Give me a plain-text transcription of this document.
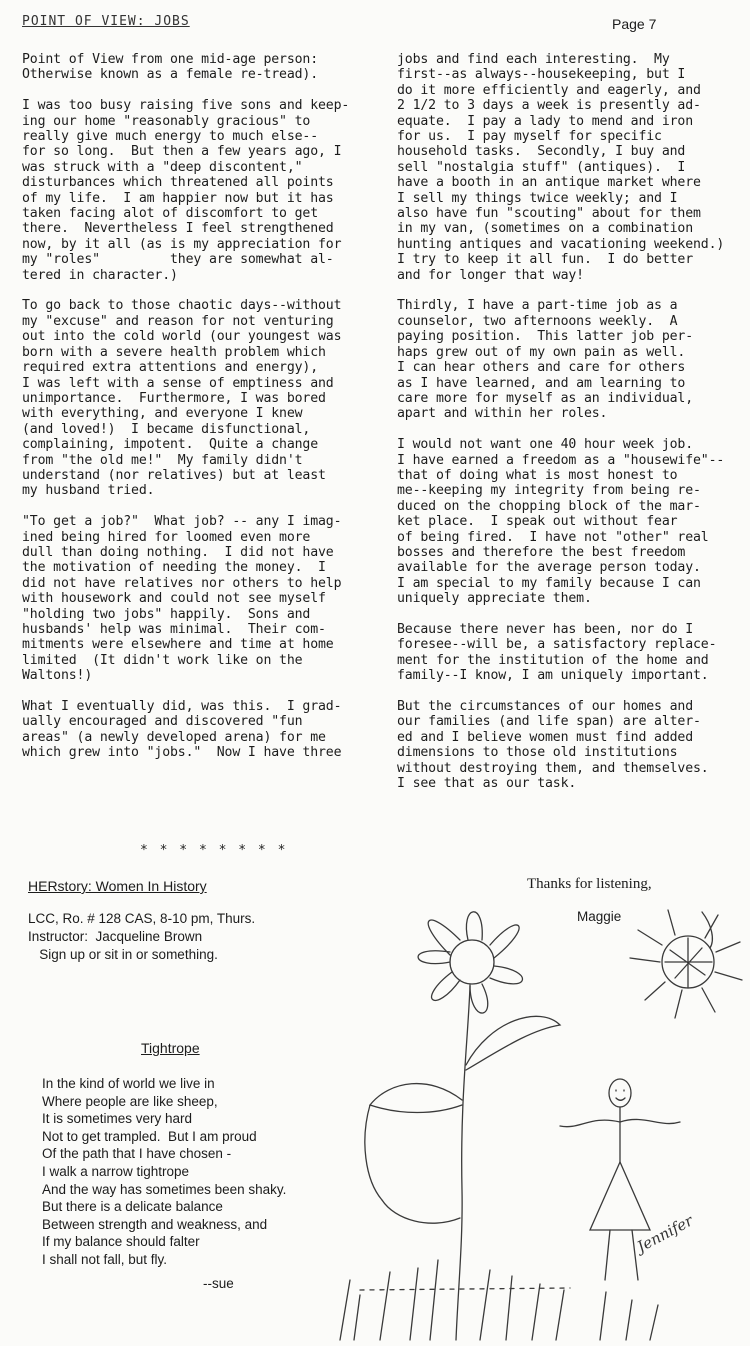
POINT OF VIEW: JOBS	Page 7

Point of View from one mid-age person:
Otherwise known as a female re-tread).

I was too busy raising five sons and keep-
ing our home "reasonably gracious" to
really give much energy to much else--
for so long.  But then a few years ago, I
was struck with a "deep discontent,"
disturbances which threatened all points
of my life.  I am happier now but it has
taken facing alot of discomfort to get
there.  Nevertheless I feel strengthened
now, by it all (as is my appreciation for
my "roles"         they are somewhat al-
tered in character.)

To go back to those chaotic days--without
my "excuse" and reason for not venturing
out into the cold world (our youngest was
born with a severe health problem which
required extra attentions and energy),
I was left with a sense of emptiness and
unimportance.  Furthermore, I was bored
with everything, and everyone I knew
(and loved!)  I became disfunctional,
complaining, impotent.  Quite a change
from "the old me!"  My family didn't
understand (nor relatives) but at least
my husband tried.

"To get a job?"  What job? -- any I imag-
ined being hired for loomed even more
dull than doing nothing.  I did not have
the motivation of needing the money.  I
did not have relatives nor others to help
with housework and could not see myself
"holding two jobs" happily.  Sons and
husbands' help was minimal.  Their com-
mitments were elsewhere and time at home
limited  (It didn't work like on the
Waltons!)

What I eventually did, was this.  I grad-
ually encouraged and discovered "fun
areas" (a newly developed arena) for me
which grew into "jobs."  Now I have three

jobs and find each interesting.  My
first--as always--housekeeping, but I
do it more efficiently and eagerly, and
2 1/2 to 3 days a week is presently ad-
equate.  I pay a lady to mend and iron
for us.  I pay myself for specific
household tasks.  Secondly, I buy and
sell "nostalgia stuff" (antiques).  I
have a booth in an antique market where
I sell my things twice weekly; and I
also have fun "scouting" about for them
in my van, (sometimes on a combination
hunting antiques and vacationing weekend.)
I try to keep it all fun.  I do better
and for longer that way!

Thirdly, I have a part-time job as a
counselor, two afternoons weekly.  A
paying position.  This latter job per-
haps grew out of my own pain as well.
I can hear others and care for others
as I have learned, and am learning to
care more for myself as an individual,
apart and within her roles.

I would not want one 40 hour week job.
I have earned a freedom as a "housewife"--
that of doing what is most honest to
me--keeping my integrity from being re-
duced on the chopping block of the mar-
ket place.  I speak out without fear
of being fired.  I have not "other" real
bosses and therefore the best freedom
available for the average person today.
I am special to my family because I can
uniquely appreciate them.

Because there never has been, nor do I
foresee--will be, a satisfactory replace-
ment for the institution of the home and
family--I know, I am uniquely important.

But the circumstances of our homes and
our families (and life span) are alter-
ed and I believe women must find added
dimensions to those old institutions
without destroying them, and themselves.
I see that as our task.

* * * * * * * *
Thanks for listening,
Maggie
HERstory: Women In History
LCC, Ro. # 128 CAS, 8-10 pm, Thurs.
Instructor:  Jacqueline Brown
Sign up or sit in or something.
Tightrope
In the kind of world we live in
Where people are like sheep,
It is sometimes very hard
Not to get trampled.  But I am proud
Of the path that I have chosen -
I walk a narrow tightrope
And the way has sometimes been shaky.
But there is a delicate balance
Between strength and weakness, and
If my balance should falter
I shall not fall, but fly.
--sue
Jennifer
